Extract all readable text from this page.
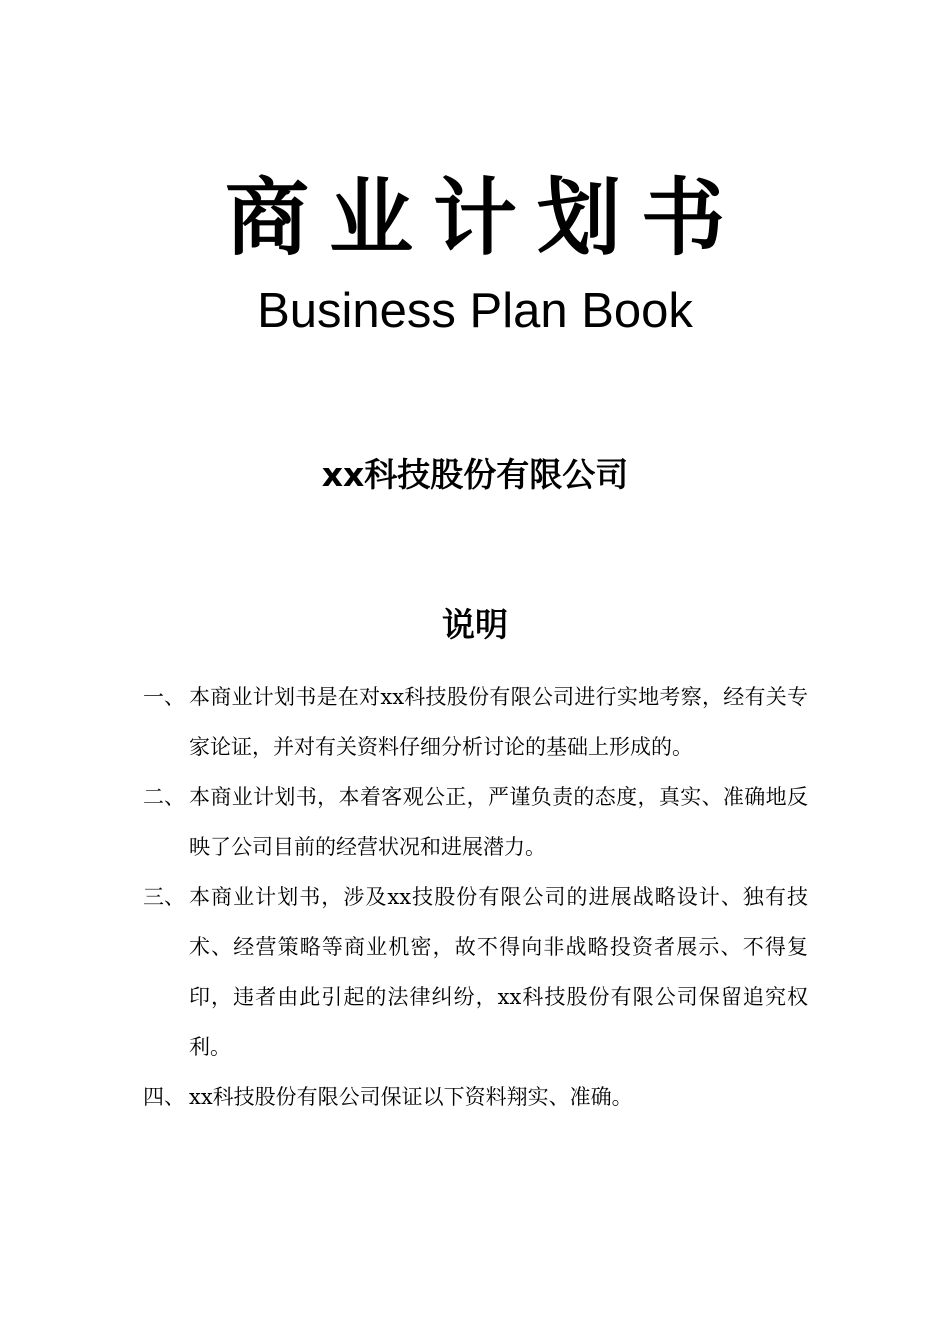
商业计划书
Business Plan Book
xx科技股份有限公司
说明
一、 本商业计划书是在对xx科技股份有限公司进行实地考察，经有关专家论证，并对有关资料仔细分析讨论的基础上形成的。
二、 本商业计划书，本着客观公正，严谨负责的态度，真实、准确地反映了公司目前的经营状况和进展潜力。
三、 本商业计划书，涉及xx技股份有限公司的进展战略设计、独有技术、经营策略等商业机密，故不得向非战略投资者展示、不得复印，违者由此引起的法律纠纷，xx科技股份有限公司保留追究权利。
四、 xx科技股份有限公司保证以下资料翔实、准确。
